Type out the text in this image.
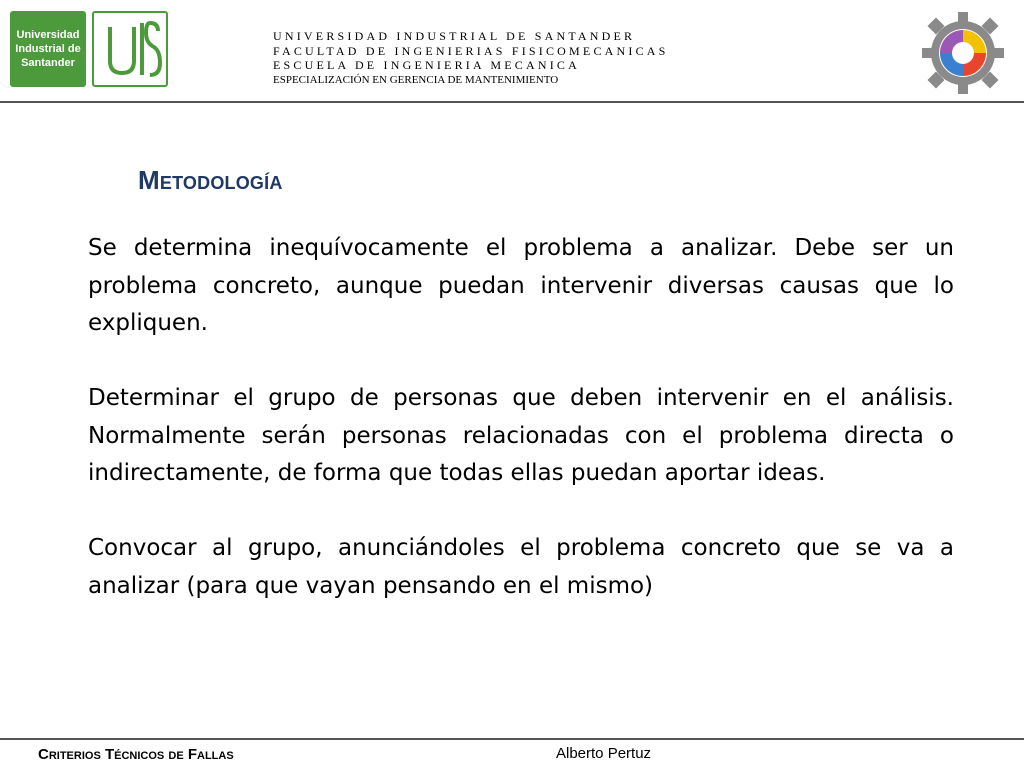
Universidad
Industrial de
Santander
UNIVERSIDAD INDUSTRIAL DE SANTANDER
FACULTAD DE INGENIERIAS FISICOMECANICAS
ESCUELA DE INGENIERIA MECANICA
ESPECIALIZACIÓN EN GERENCIA DE MANTENIMIENTO
Metodología

Se determina inequívocamente el problema a analizar. Debe ser un problema concreto, aunque puedan intervenir diversas causas que lo expliquen.

Determinar el grupo de personas que deben intervenir en el análisis. Normalmente serán personas relacionadas con el problema directa o indirectamente, de forma que todas ellas puedan aportar ideas.

Convocar al grupo, anunciándoles el problema concreto que se va a analizar (para que vayan pensando en el mismo)

Criterios Técnicos de Fallas	Alberto Pertuz
